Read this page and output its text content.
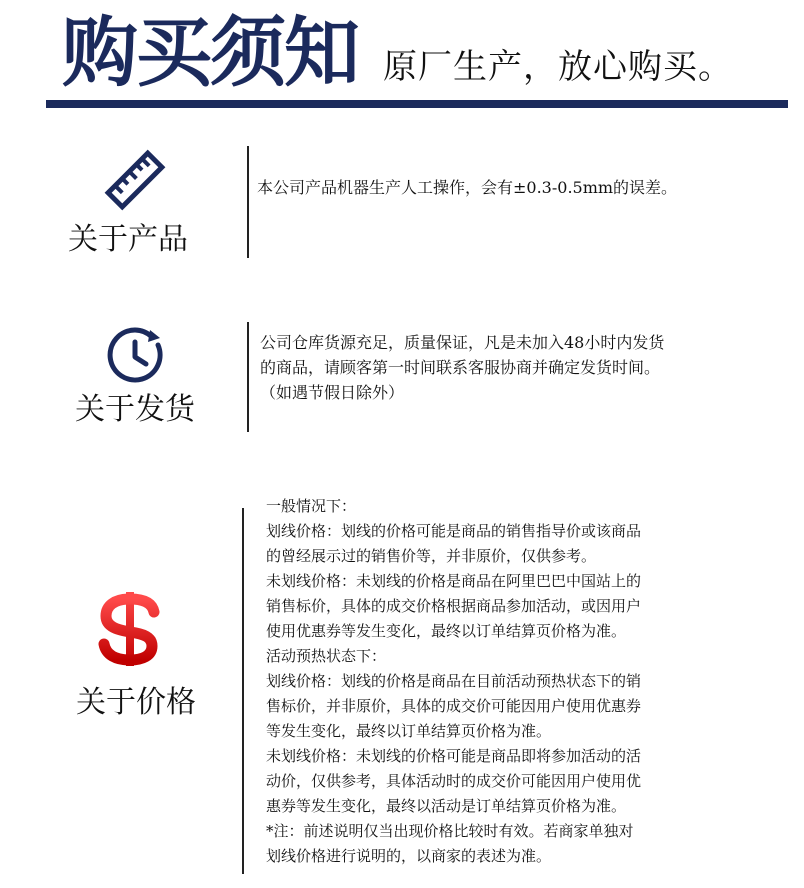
购买须知 原厂生产，放心购买。
关于产品

本公司产品机器生产人工操作，会有±0.3-0.5mm的误差。

关于发货

公司仓库货源充足，质量保证，凡是未加入48小时内发货

的商品，请顾客第一时间联系客服协商并确定发货时间。

（如遇节假日除外）

关于价格

一般情况下：

划线价格：划线的价格可能是商品的销售指导价或该商品

的曾经展示过的销售价等，并非原价，仅供参考。

未划线价格：未划线的价格是商品在阿里巴巴中国站上的

销售标价，具体的成交价格根据商品参加活动，或因用户

使用优惠券等发生变化，最终以订单结算页价格为准。

活动预热状态下：

划线价格：划线的价格是商品在目前活动预热状态下的销

售标价，并非原价，具体的成交价可能因用户使用优惠券

等发生变化，最终以订单结算页价格为准。

未划线价格：未划线的价格可能是商品即将参加活动的活

动价，仅供参考，具体活动时的成交价可能因用户使用优

惠券等发生变化，最终以活动是订单结算页价格为准。

*注：前述说明仅当出现价格比较时有效。若商家单独对

划线价格进行说明的，以商家的表述为准。
